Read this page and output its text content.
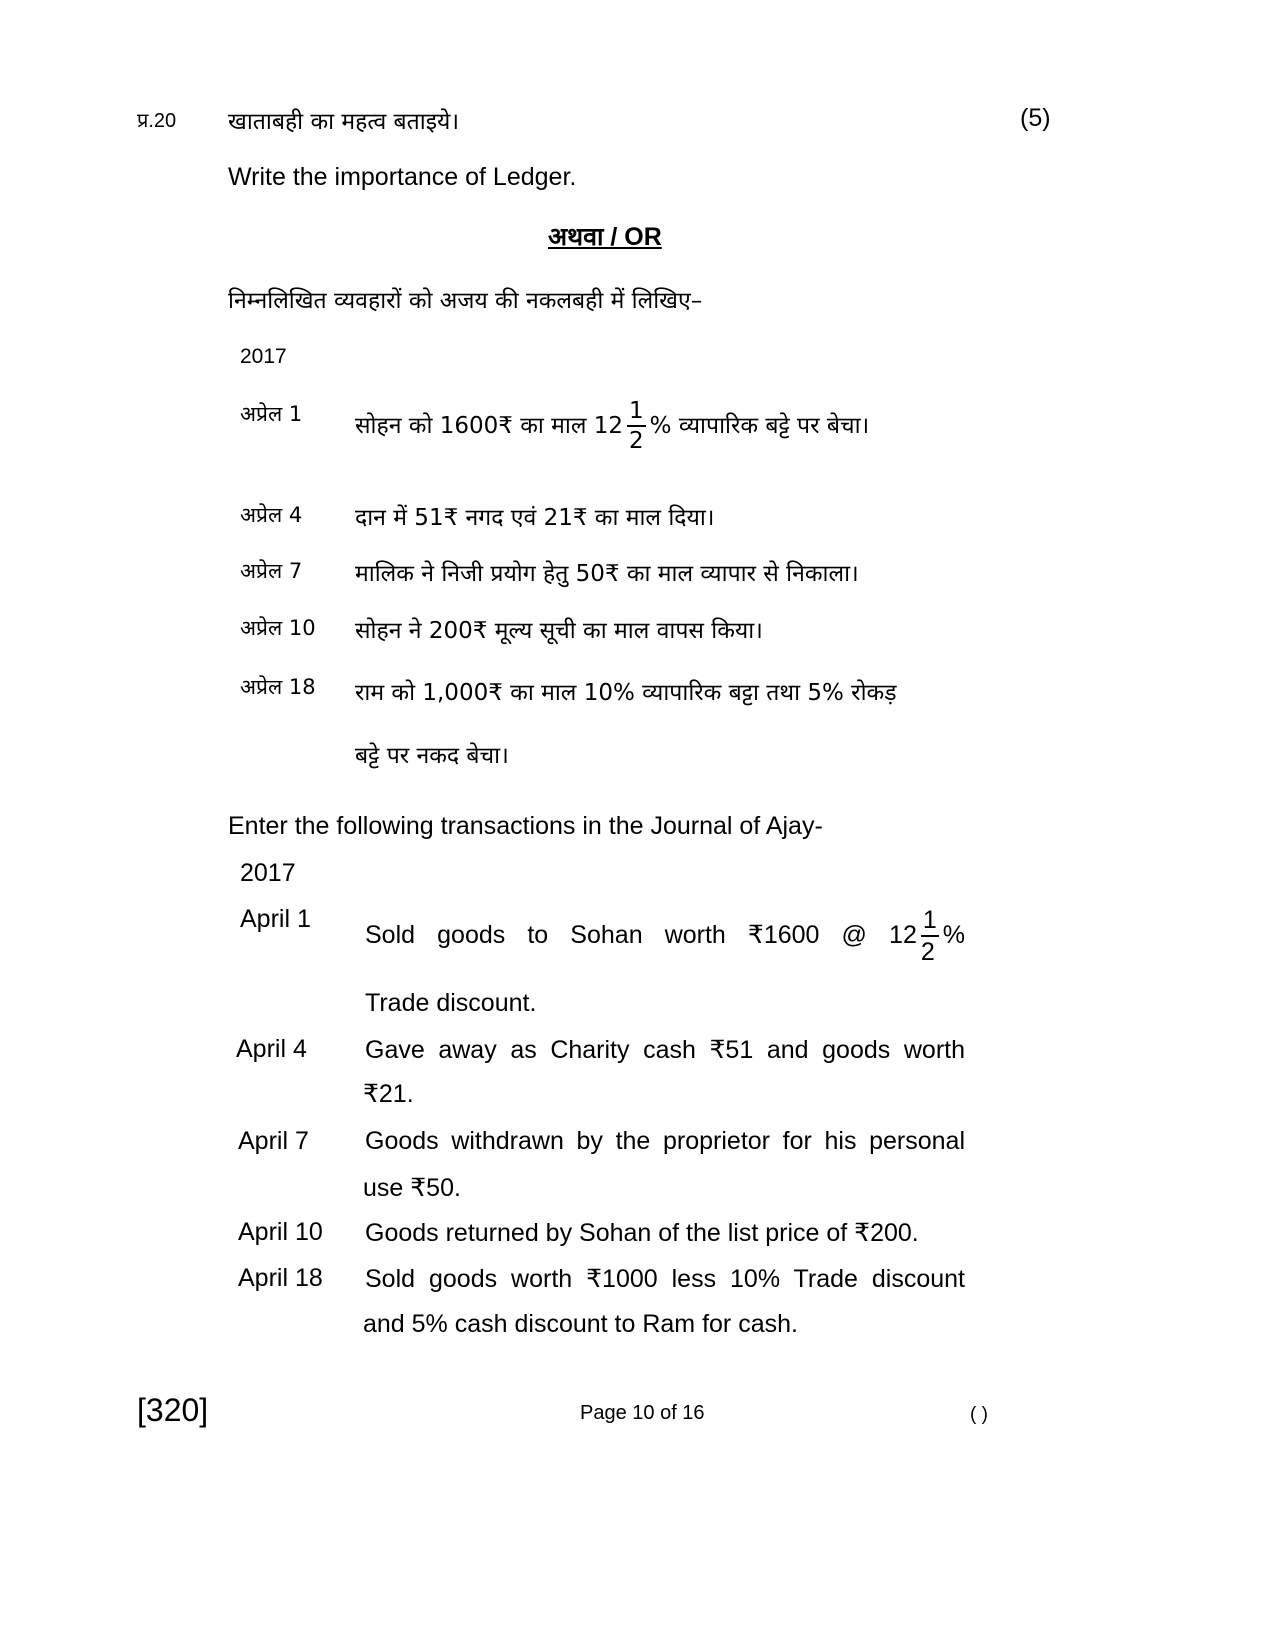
प्र.20 खाताबही का महत्व बताइये।	(5)
Write the importance of Ledger.
अथवा / OR
निम्नलिखित व्यवहारों को अजय की नकलबही में लिखिए–
2017
अप्रेल 1 सोहन को 1600₹ का माल $12 \frac{1}{2}$ % व्यापारिक बट्टे पर बेचा।
अप्रेल 4 दान में 51₹ नगद एवं 21₹ का माल दिया।
अप्रेल 7 मालिक ने निजी प्रयोग हेतु 50₹ का माल व्यापार से निकाला।
अप्रेल 10 सोहन ने 200₹ मूल्य सूची का माल वापस किया।
अप्रेल 18 राम को 1,000₹ का माल 10% व्यापारिक बट्टा तथा 5% रोकड़
बट्टे पर नकद बेचा।
Enter the following transactions in the Journal of Ajay-
2017
April 1
Sold goods to Sohan worth ₹1600 @ $12 \frac{1}{2}$ %
Trade discount.
April 4 Gave away as Charity cash ₹51 and goods worth
₹21.
April 7 Goods withdrawn by the proprietor for his personal
use ₹50.
April 10 Goods returned by Sohan of the list price of ₹200.
April 18 Sold goods worth ₹1000 less 10% Trade discount
and 5% cash discount to Ram for cash.
[320]	Page 10 of 16	( )
